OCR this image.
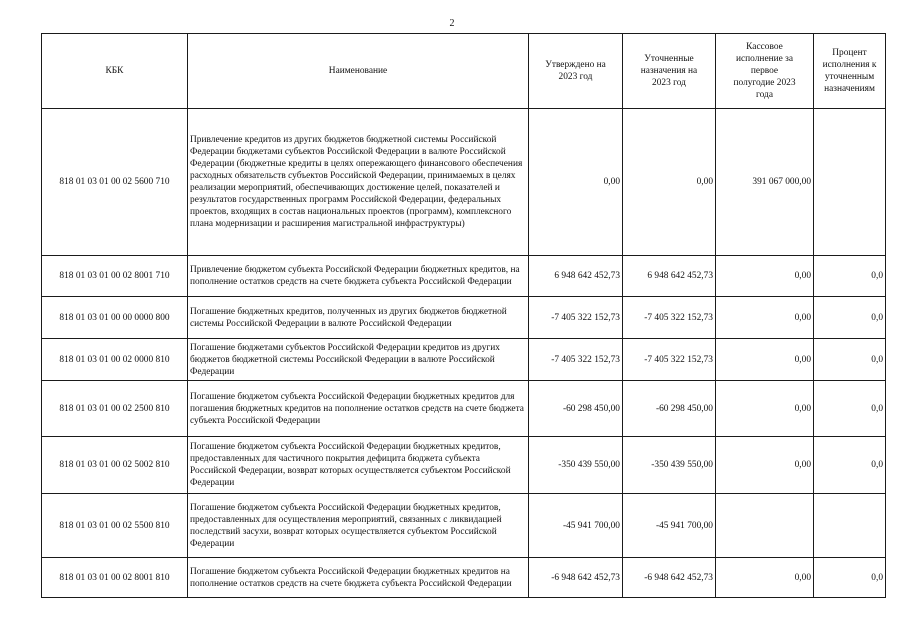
2
КБК	Наименование	Утверждено на 2023 год	Уточненные назначения на 2023 год	Кассовое исполнение за первое полугодие 2023 года	Процент исполнения к уточненным назначениям
818 01 03 01 00 02 5600 710	Привлечение кредитов из других бюджетов бюджетной системы Российской Федерации бюджетами субъектов Российской Федерации в валюте Российской Федерации (бюджетные кредиты в целях опережающего финансового обеспечения расходных обязательств субъектов Российской Федерации, принимаемых в целях реализации мероприятий, обеспечивающих достижение целей, показателей и результатов государственных программ Российской Федерации, федеральных проектов, входящих в состав национальных проектов (программ), комплексного плана модернизации и расширения магистральной инфраструктуры)	0,00	0,00	391 067 000,00	
818 01 03 01 00 02 8001 710	Привлечение бюджетом субъекта Российской Федерации бюджетных кредитов, на пополнение остатков средств на счете бюджета субъекта Российской Федерации	6 948 642 452,73	6 948 642 452,73	0,00	0,0
818 01 03 01 00 00 0000 800	Погашение бюджетных кредитов, полученных из других бюджетов бюджетной системы Российской Федерации в валюте Российской Федерации	-7 405 322 152,73	-7 405 322 152,73	0,00	0,0
818 01 03 01 00 02 0000 810	Погашение бюджетами субъектов Российской Федерации кредитов из других бюджетов бюджетной системы Российской Федерации в валюте Российской Федерации	-7 405 322 152,73	-7 405 322 152,73	0,00	0,0
818 01 03 01 00 02 2500 810	Погашение бюджетом субъекта Российской Федерации бюджетных кредитов для погашения бюджетных кредитов на пополнение остатков средств на счете бюджета субъекта Российской Федерации	-60 298 450,00	-60 298 450,00	0,00	0,0
818 01 03 01 00 02 5002 810	Погашение бюджетом субъекта Российской Федерации бюджетных кредитов, предоставленных для частичного покрытия дефицита бюджета субъекта Российской Федерации, возврат которых осуществляется субъектом Российской Федерации	-350 439 550,00	-350 439 550,00	0,00	0,0
818 01 03 01 00 02 5500 810	Погашение бюджетом субъекта Российской Федерации бюджетных кредитов, предоставленных для осуществления мероприятий, связанных с ликвидацией последствий засухи, возврат которых осуществляется субъектом Российской Федерации	-45 941 700,00	-45 941 700,00		
818 01 03 01 00 02 8001 810	Погашение бюджетом субъекта Российской Федерации бюджетных кредитов на пополнение остатков средств на счете бюджета субъекта Российской Федерации	-6 948 642 452,73	-6 948 642 452,73	0,00	0,0
